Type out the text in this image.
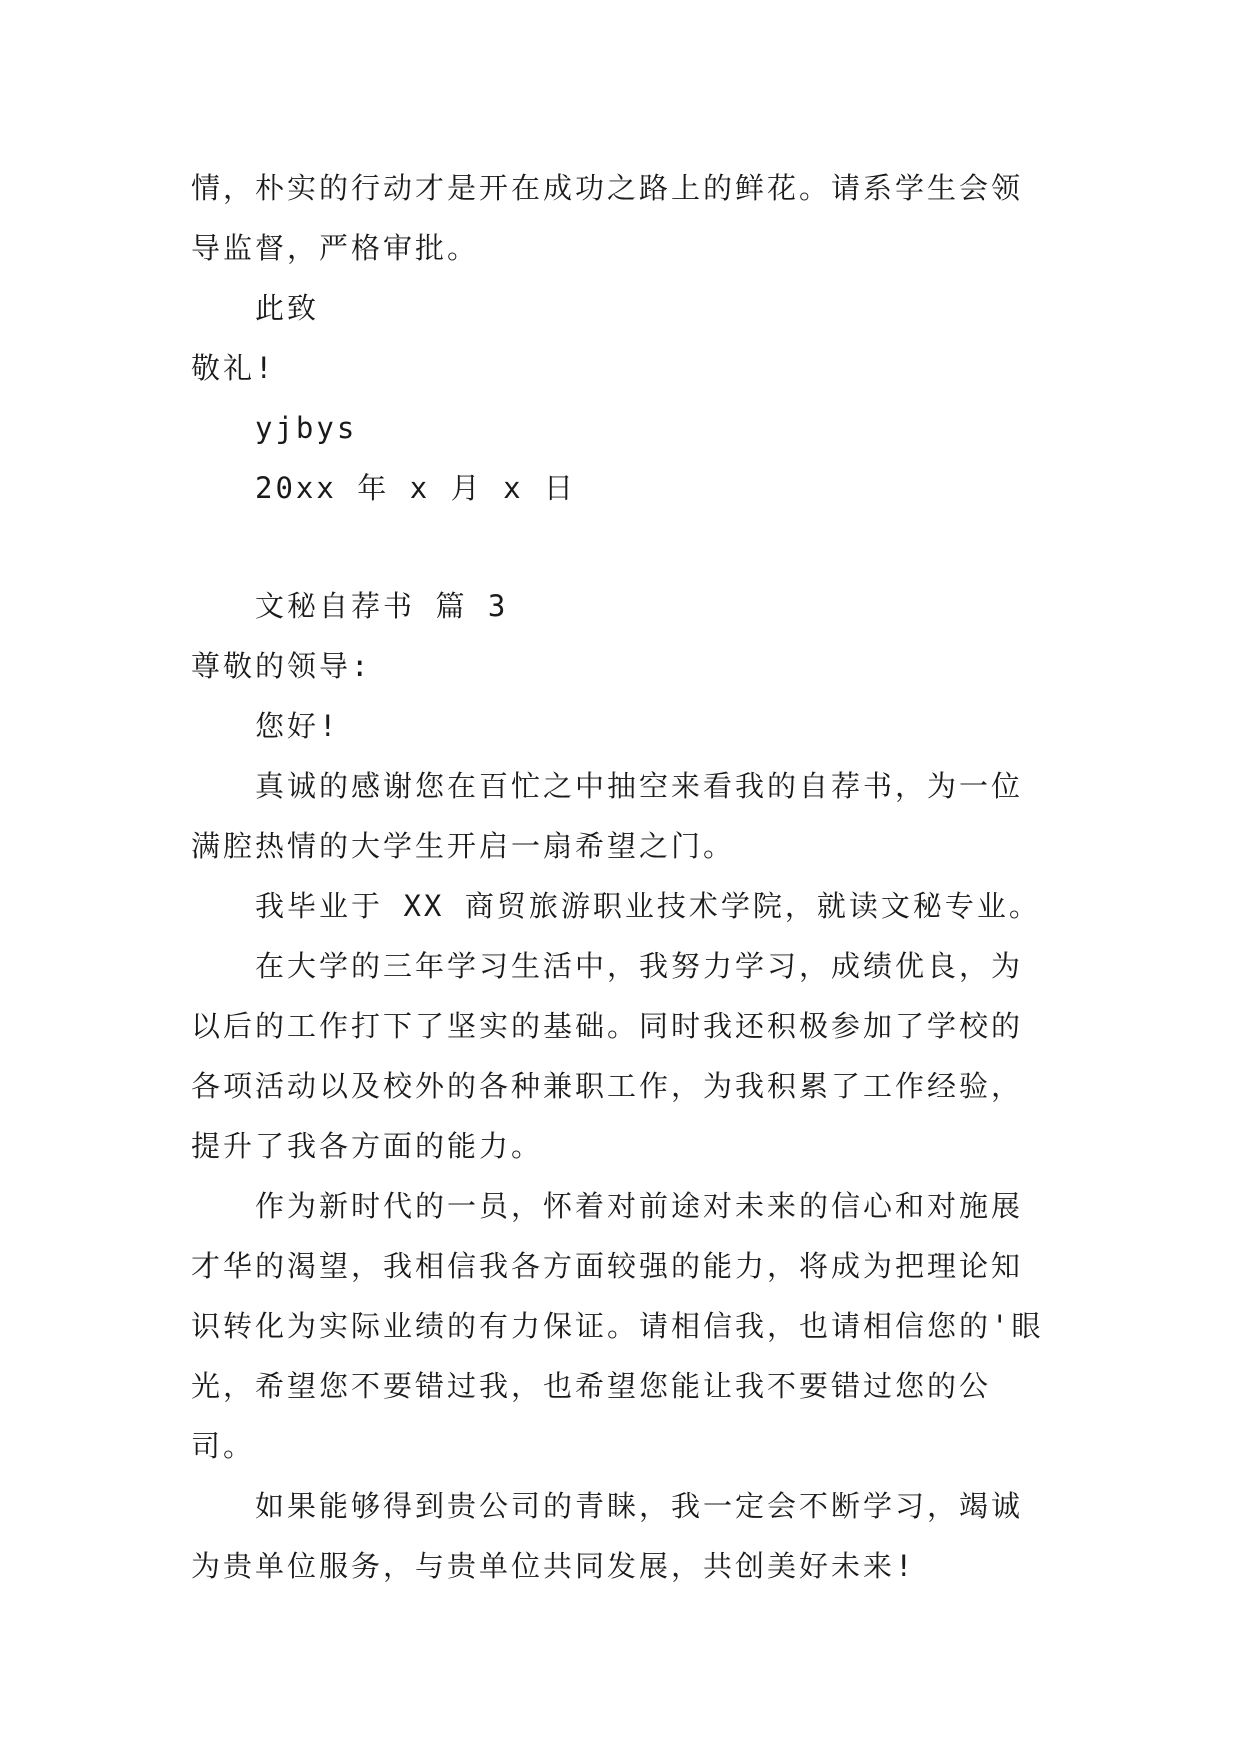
情，朴实的行动才是开在成功之路上的鲜花。请系学生会领导监督，严格审批。

此致

敬礼!

yjbys

20xx 年 x 月 x 日

文秘自荐书 篇 3

尊敬的领导:

您好!

真诚的感谢您在百忙之中抽空来看我的自荐书，为一位满腔热情的大学生开启一扇希望之门。

我毕业于 XX 商贸旅游职业技术学院，就读文秘专业。

在大学的三年学习生活中，我努力学习，成绩优良，为以后的工作打下了坚实的基础。同时我还积极参加了学校的各项活动以及校外的各种兼职工作，为我积累了工作经验，提升了我各方面的能力。

作为新时代的一员，怀着对前途对未来的信心和对施展才华的渴望，我相信我各方面较强的能力，将成为把理论知识转化为实际业绩的有力保证。请相信我，也请相信您的'眼光，希望您不要错过我，也希望您能让我不要错过您的公司。

如果能够得到贵公司的青睐，我一定会不断学习，竭诚为贵单位服务，与贵单位共同发展，共创美好未来!
